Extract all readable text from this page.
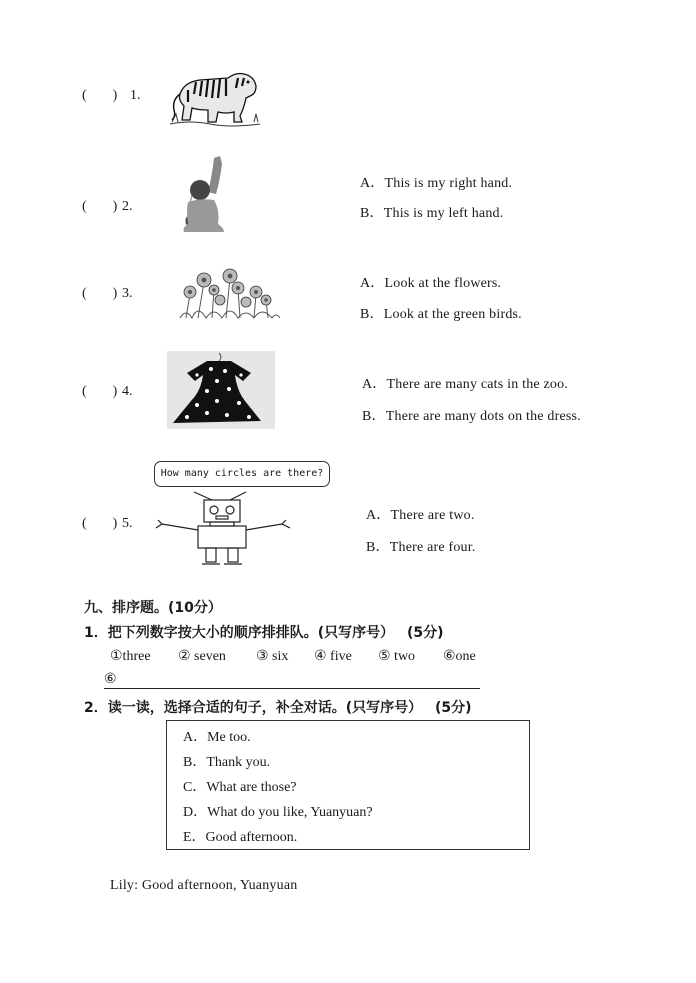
( ) 1.
( ) 2.
A．This is my right hand.
B．This is my left hand.
( ) 3.
A．Look at the flowers.
B．Look at the green birds.
( ) 4.	A．There are many cats in the zoo.
B．There are many dots on the dress.
( ) 5.
How many circles are there?
A．There are two.
B．There are four.
九、排序题。(10分）
1．把下列数字按大小的顺序排排队。(只写序号） (5分)
①three ② seven ③ six ④ five ⑤ two ⑥one
⑥
2．读一读，选择合适的句子，补全对话。(只写序号） (5分)
A．Me too.
B．Thank you.
C．What are those?
D．What do you like, Yuanyuan?
E．Good afternoon.
Lily: Good afternoon, Yuanyuan
